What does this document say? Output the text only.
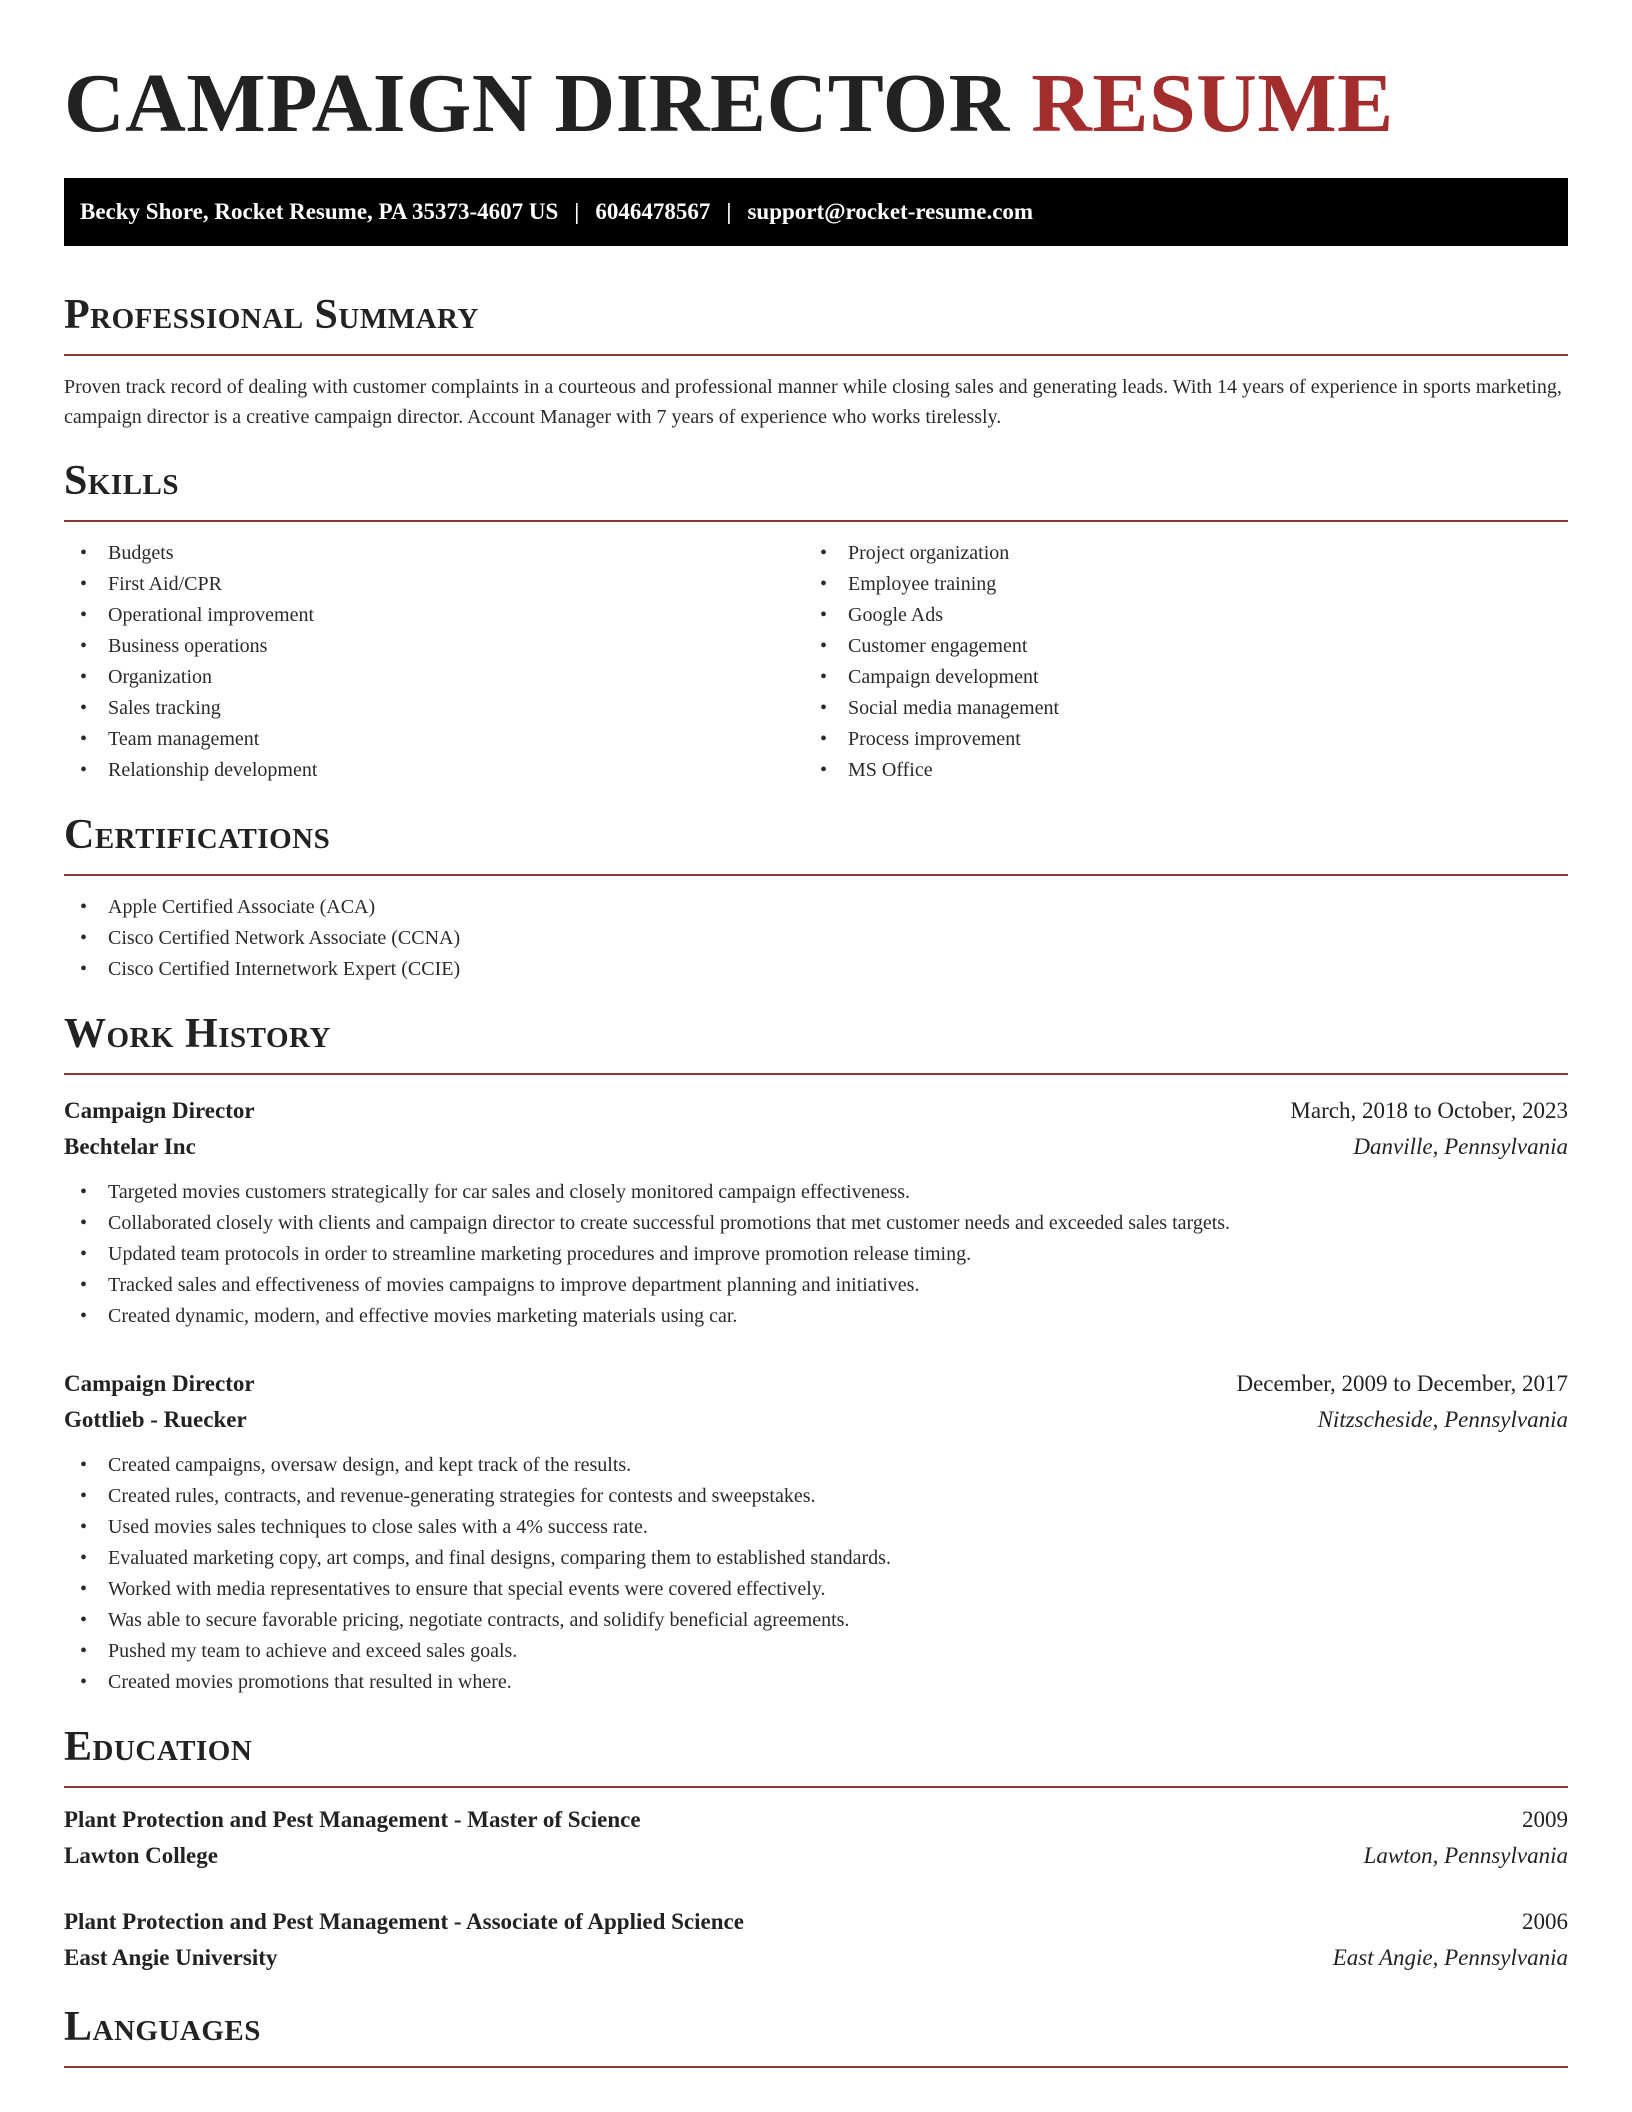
CAMPAIGN DIRECTOR RESUME
Becky Shore, Rocket Resume, PA 35373-4607 US | 6046478567 | support@rocket-resume.com
Professional Summary

Proven track record of dealing with customer complaints in a courteous and professional manner while closing sales and generating leads. With 14 years of experience in sports marketing, campaign director is a creative campaign director. Account Manager with 7 years of experience who works tirelessly.

Skills
• Budgets
• First Aid/CPR
• Operational improvement
• Business operations
• Organization
• Sales tracking
• Team management
• Relationship development
• Project organization
• Employee training
• Google Ads
• Customer engagement
• Campaign development
• Social media management
• Process improvement
• MS Office
Certifications
• Apple Certified Associate (ACA)
• Cisco Certified Network Associate (CCNA)
• Cisco Certified Internetwork Expert (CCIE)
Work History
Campaign Director	March, 2018 to October, 2023
Bechtelar Inc	Danville, Pennsylvania
• Targeted movies customers strategically for car sales and closely monitored campaign effectiveness.
• Collaborated closely with clients and campaign director to create successful promotions that met customer needs and exceeded sales targets.
• Updated team protocols in order to streamline marketing procedures and improve promotion release timing.
• Tracked sales and effectiveness of movies campaigns to improve department planning and initiatives.
• Created dynamic, modern, and effective movies marketing materials using car.
Campaign Director	December, 2009 to December, 2017
Gottlieb - Ruecker	Nitzscheside, Pennsylvania
• Created campaigns, oversaw design, and kept track of the results.
• Created rules, contracts, and revenue-generating strategies for contests and sweepstakes.
• Used movies sales techniques to close sales with a 4% success rate.
• Evaluated marketing copy, art comps, and final designs, comparing them to established standards.
• Worked with media representatives to ensure that special events were covered effectively.
• Was able to secure favorable pricing, negotiate contracts, and solidify beneficial agreements.
• Pushed my team to achieve and exceed sales goals.
• Created movies promotions that resulted in where.
Education
Plant Protection and Pest Management - Master of Science	2009
Lawton College	Lawton, Pennsylvania
Plant Protection and Pest Management - Associate of Applied Science	2006
East Angie University	East Angie, Pennsylvania
Languages
